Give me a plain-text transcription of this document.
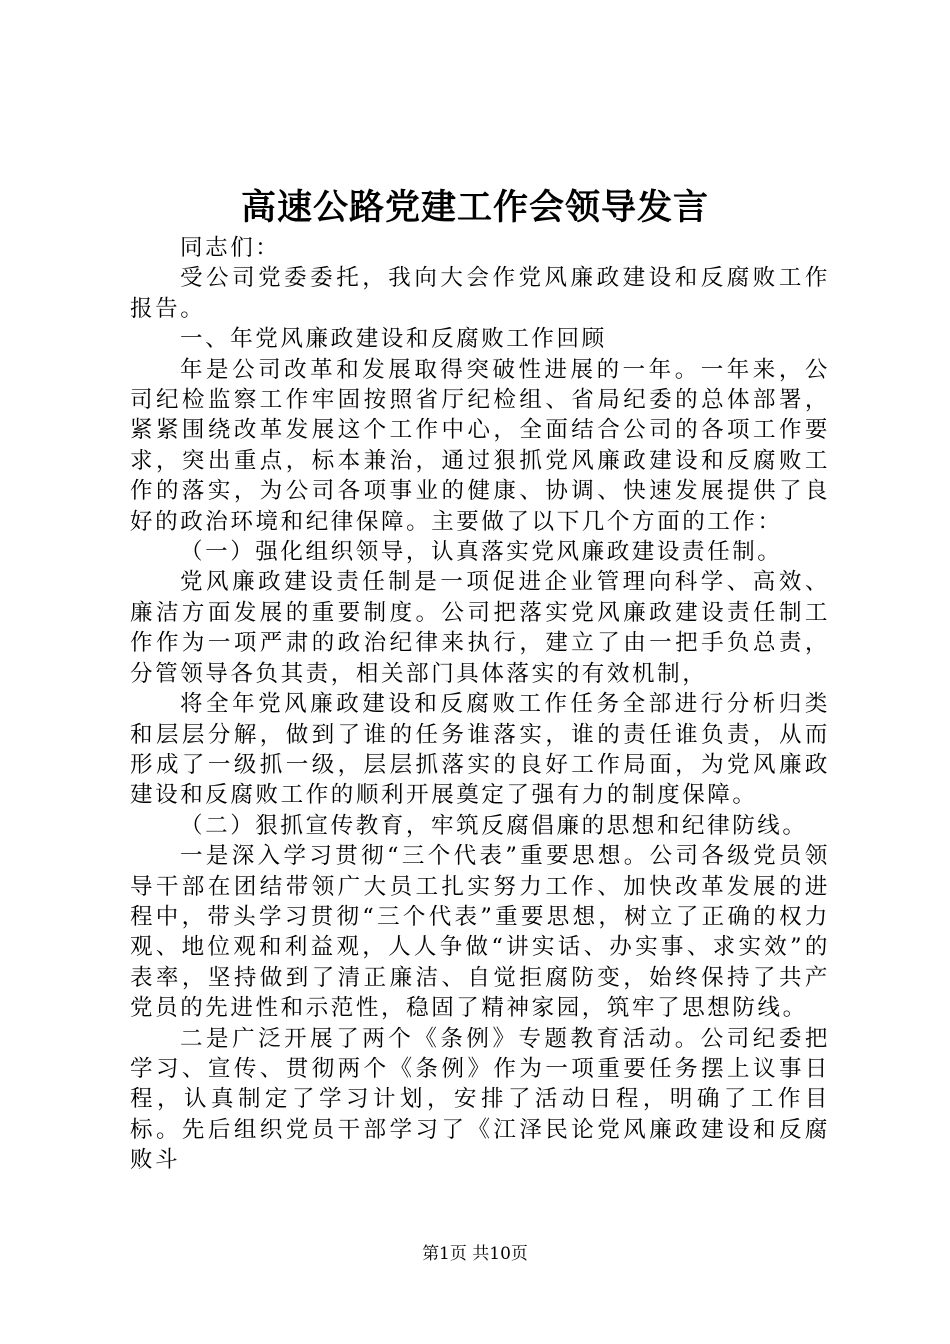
高速公路党建工作会领导发言

同志们：

受公司党委委托，我向大会作党风廉政建设和反腐败工作报告。

一、年党风廉政建设和反腐败工作回顾

年是公司改革和发展取得突破性进展的一年。一年来，公司纪检监察工作牢固按照省厅纪检组、省局纪委的总体部署，紧紧围绕改革发展这个工作中心，全面结合公司的各项工作要求，突出重点，标本兼治，通过狠抓党风廉政建设和反腐败工作的落实，为公司各项事业的健康、协调、快速发展提供了良好的政治环境和纪律保障。主要做了以下几个方面的工作：

（一）强化组织领导，认真落实党风廉政建设责任制。

党风廉政建设责任制是一项促进企业管理向科学、高效、廉洁方面发展的重要制度。公司把落实党风廉政建设责任制工作作为一项严肃的政治纪律来执行，建立了由一把手负总责，分管领导各负其责，相关部门具体落实的有效机制，

将全年党风廉政建设和反腐败工作任务全部进行分析归类和层层分解，做到了谁的任务谁落实，谁的责任谁负责，从而形成了一级抓一级，层层抓落实的良好工作局面，为党风廉政建设和反腐败工作的顺利开展奠定了强有力的制度保障。

（二）狠抓宣传教育，牢筑反腐倡廉的思想和纪律防线。

一是深入学习贯彻“三个代表”重要思想。公司各级党员领导干部在团结带领广大员工扎实努力工作、加快改革发展的进程中，带头学习贯彻“三个代表”重要思想，树立了正确的权力观、地位观和利益观，人人争做“讲实话、办实事、求实效”的表率，坚持做到了清正廉洁、自觉拒腐防变，始终保持了共产党员的先进性和示范性，稳固了精神家园，筑牢了思想防线。

二是广泛开展了两个《条例》专题教育活动。公司纪委把学习、宣传、贯彻两个《条例》作为一项重要任务摆上议事日程，认真制定了学习计划，安排了活动日程，明确了工作目标。先后组织党员干部学习了《江泽民论党风廉政建设和反腐败斗

第1页 共10页
